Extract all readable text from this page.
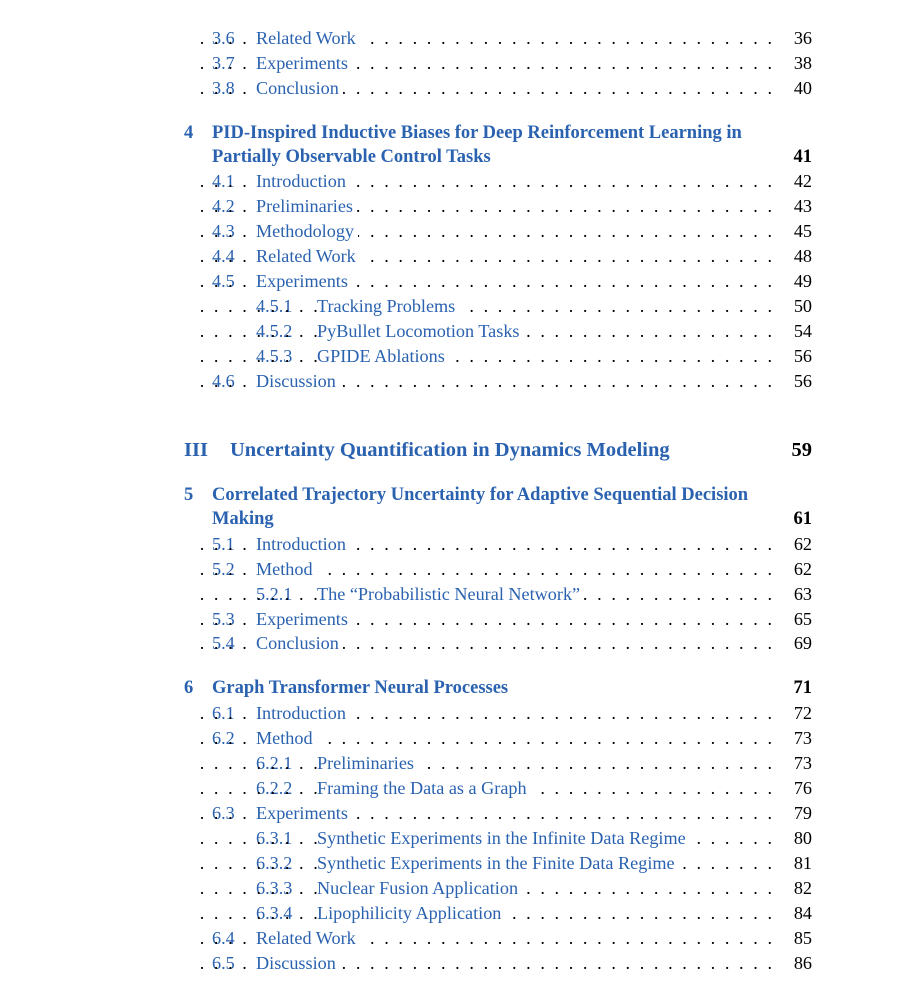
3.6 Related Work . . .	36
3.7 Experiments . . .	38
3.8 Conclusion . . .	40
4 PID-Inspired Inductive Biases for Deep Reinforcement Learning in
Partially Observable Control Tasks	41
4.1 Introduction . . .	42
4.2 Preliminaries . . .	43
4.3 Methodology . . .	45
4.4 Related Work . . .	48
4.5 Experiments . . .	49
4.5.1 Tracking Problems . . .	50
4.5.2 PyBullet Locomotion Tasks . . .	54
4.5.3 GPIDE Ablations . . .	56
4.6 Discussion . . .	56
III Uncertainty Quantification in Dynamics Modeling	59
5 Correlated Trajectory Uncertainty for Adaptive Sequential Decision
Making	61
5.1 Introduction . . .	62
5.2 Method . . .	62
5.2.1 The “Probabilistic Neural Network” . . .	63
5.3 Experiments . . .	65
5.4 Conclusion . . .	69
6 Graph Transformer Neural Processes	71
6.1 Introduction . . .	72
6.2 Method . . .	73
6.2.1 Preliminaries . . .	73
6.2.2 Framing the Data as a Graph . . .	76
6.3 Experiments . . .	79
6.3.1 Synthetic Experiments in the Infinite Data Regime . . .	80
6.3.2 Synthetic Experiments in the Finite Data Regime . . .	81
6.3.3 Nuclear Fusion Application . . .	82
6.3.4 Lipophilicity Application . . .	84
6.4 Related Work . . .	85
6.5 Discussion . . .	86
